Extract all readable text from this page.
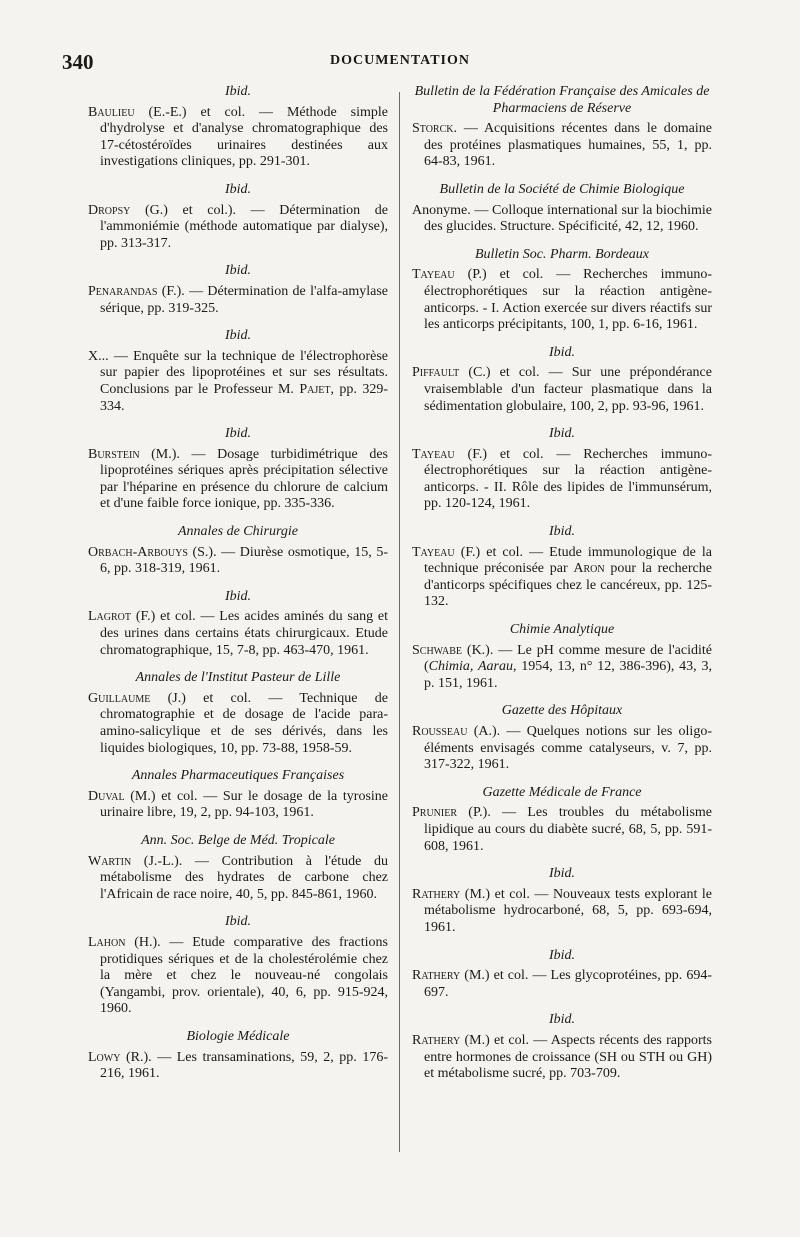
340	DOCUMENTATION
Ibid.

Baulieu (E.-E.) et col. — Méthode simple d'hydrolyse et d'analyse chromatographique des 17-cétostéroïdes urinaires destinées aux investigations cliniques, pp. 291-301.

Ibid.

Dropsy (G.) et col.). — Détermination de l'ammoniémie (méthode automatique par dialyse), pp. 313-317.

Ibid.

Penarandas (F.). — Détermination de l'alfa-amylase sérique, pp. 319-325.

Ibid.

X... — Enquête sur la technique de l'électrophorèse sur papier des lipoprotéines et sur ses résultats. Conclusions par le Professeur M. Pajet, pp. 329-334.

Ibid.

Burstein (M.). — Dosage turbidimétrique des lipoprotéines sériques après précipitation sélective par l'héparine en présence du chlorure de calcium et d'une faible force ionique, pp. 335-336.

Annales de Chirurgie

Orbach-Arbouys (S.). — Diurèse osmotique, 15, 5-6, pp. 318-319, 1961.

Ibid.

Lagrot (F.) et col. — Les acides aminés du sang et des urines dans certains états chirurgicaux. Etude chromatographique, 15, 7-8, pp. 463-470, 1961.

Annales de l'Institut Pasteur de Lille

Guillaume (J.) et col. — Technique de chromatographie et de dosage de l'acide para-amino-salicylique et de ses dérivés, dans les liquides biologiques, 10, pp. 73-88, 1958-59.

Annales Pharmaceutiques Françaises

Duval (M.) et col. — Sur le dosage de la tyrosine urinaire libre, 19, 2, pp. 94-103, 1961.

Ann. Soc. Belge de Méd. Tropicale

Wartin (J.-L.). — Contribution à l'étude du métabolisme des hydrates de carbone chez l'Africain de race noire, 40, 5, pp. 845-861, 1960.

Ibid.

Lahon (H.). — Etude comparative des fractions protidiques sériques et de la cholestérolémie chez la mère et chez le nouveau-né congolais (Yangambi, prov. orientale), 40, 6, pp. 915-924, 1960.

Biologie Médicale

Lowy (R.). — Les transaminations, 59, 2, pp. 176-216, 1961.

Bulletin de la Fédération Française des Amicales de Pharmaciens de Réserve

Storck. — Acquisitions récentes dans le domaine des protéines plasmatiques humaines, 55, 1, pp. 64-83, 1961.

Bulletin de la Société de Chimie Biologique

Anonyme. — Colloque international sur la biochimie des glucides. Structure. Spécificité, 42, 12, 1960.

Bulletin Soc. Pharm. Bordeaux

Tayeau (P.) et col. — Recherches immuno-électrophorétiques sur la réaction antigène-anticorps. - I. Action exercée sur divers réactifs sur les anticorps précipitants, 100, 1, pp. 6-16, 1961.

Ibid.

Piffault (C.) et col. — Sur une prépondérance vraisemblable d'un facteur plasmatique dans la sédimentation globulaire, 100, 2, pp. 93-96, 1961.

Ibid.

Tayeau (F.) et col. — Recherches immuno-électrophorétiques sur la réaction antigène-anticorps. - II. Rôle des lipides de l'immunsérum, pp. 120-124, 1961.

Ibid.

Tayeau (F.) et col. — Etude immunologique de la technique préconisée par Aron pour la recherche d'anticorps spécifiques chez le cancéreux, pp. 125-132.

Chimie Analytique

Schwabe (K.). — Le pH comme mesure de l'acidité (Chimia, Aarau, 1954, 13, n° 12, 386-396), 43, 3, p. 151, 1961.

Gazette des Hôpitaux

Rousseau (A.). — Quelques notions sur les oligo-éléments envisagés comme catalyseurs, v. 7, pp. 317-322, 1961.

Gazette Médicale de France

Prunier (P.). — Les troubles du métabolisme lipidique au cours du diabète sucré, 68, 5, pp. 591-608, 1961.

Ibid.

Rathery (M.) et col. — Nouveaux tests explorant le métabolisme hydrocarboné, 68, 5, pp. 693-694, 1961.

Ibid.

Rathery (M.) et col. — Les glycoprotéines, pp. 694-697.

Ibid.

Rathery (M.) et col. — Aspects récents des rapports entre hormones de croissance (SH ou STH ou GH) et métabolisme sucré, pp. 703-709.
